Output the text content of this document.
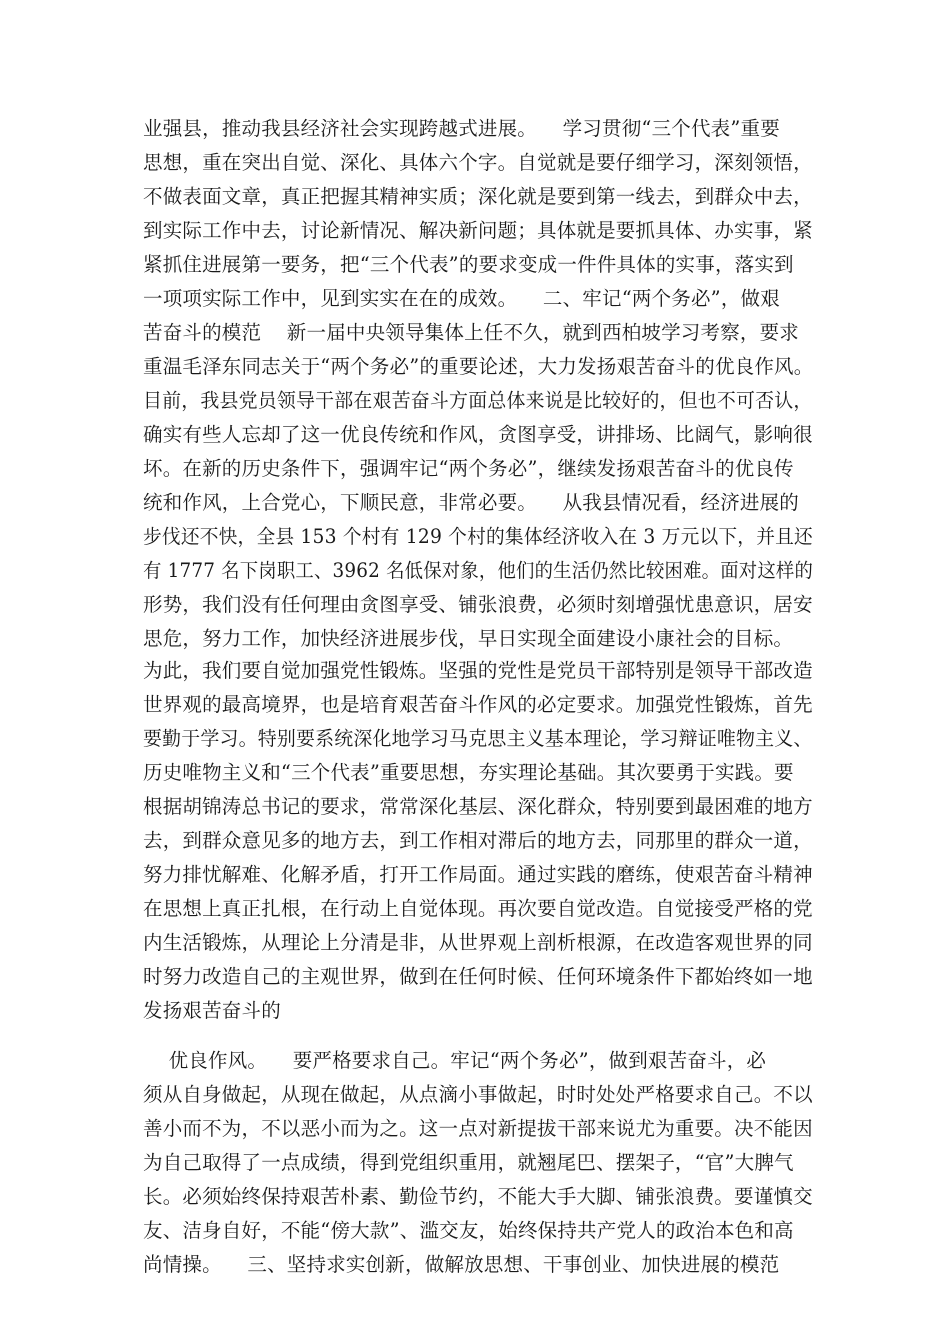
业强县，推动我县经济社会实现跨越式进展。    学习贯彻“三个代表”重要
思想，重在突出自觉、深化、具体六个字。自觉就是要仔细学习，深刻领悟，
不做表面文章，真正把握其精神实质；深化就是要到第一线去，到群众中去，
到实际工作中去，讨论新情况、解决新问题；具体就是要抓具体、办实事，紧
紧抓住进展第一要务，把“三个代表”的要求变成一件件具体的实事，落实到
一项项实际工作中，见到实实在在的成效。    二、牢记“两个务必”，做艰
苦奋斗的模范    新一届中央领导集体上任不久，就到西柏坡学习考察，要求
重温毛泽东同志关于“两个务必”的重要论述，大力发扬艰苦奋斗的优良作风。
目前，我县党员领导干部在艰苦奋斗方面总体来说是比较好的，但也不可否认，
确实有些人忘却了这一优良传统和作风，贪图享受，讲排场、比阔气，影响很
坏。在新的历史条件下，强调牢记“两个务必”，继续发扬艰苦奋斗的优良传
统和作风，上合党心，下顺民意，非常必要。    从我县情况看，经济进展的
步伐还不快，全县 153 个村有 129 个村的集体经济收入在 3 万元以下，并且还
有 1777 名下岗职工、3962 名低保对象，他们的生活仍然比较困难。面对这样的
形势，我们没有任何理由贪图享受、铺张浪费，必须时刻增强忧患意识，居安
思危，努力工作，加快经济进展步伐，早日实现全面建设小康社会的目标。
为此，我们要自觉加强党性锻炼。坚强的党性是党员干部特别是领导干部改造
世界观的最高境界，也是培育艰苦奋斗作风的必定要求。加强党性锻炼，首先
要勤于学习。特别要系统深化地学习马克思主义基本理论，学习辩证唯物主义、
历史唯物主义和“三个代表”重要思想，夯实理论基础。其次要勇于实践。要
根据胡锦涛总书记的要求，常常深化基层、深化群众，特别要到最困难的地方
去，到群众意见多的地方去，到工作相对滞后的地方去，同那里的群众一道，
努力排忧解难、化解矛盾，打开工作局面。通过实践的磨练，使艰苦奋斗精神
在思想上真正扎根，在行动上自觉体现。再次要自觉改造。自觉接受严格的党
内生活锻炼，从理论上分清是非，从世界观上剖析根源，在改造客观世界的同
时努力改造自己的主观世界，做到在任何时候、任何环境条件下都始终如一地
发扬艰苦奋斗的
优良作风。    要严格要求自己。牢记“两个务必”，做到艰苦奋斗，必
须从自身做起，从现在做起，从点滴小事做起，时时处处严格要求自己。不以
善小而不为，不以恶小而为之。这一点对新提拔干部来说尤为重要。决不能因
为自己取得了一点成绩，得到党组织重用，就翘尾巴、摆架子，“官”大脾气
长。必须始终保持艰苦朴素、勤俭节约，不能大手大脚、铺张浪费。要谨慎交
友、洁身自好，不能“傍大款”、滥交友，始终保持共产党人的政治本色和高
尚情操。    三、坚持求实创新，做解放思想、干事创业、加快进展的模范
